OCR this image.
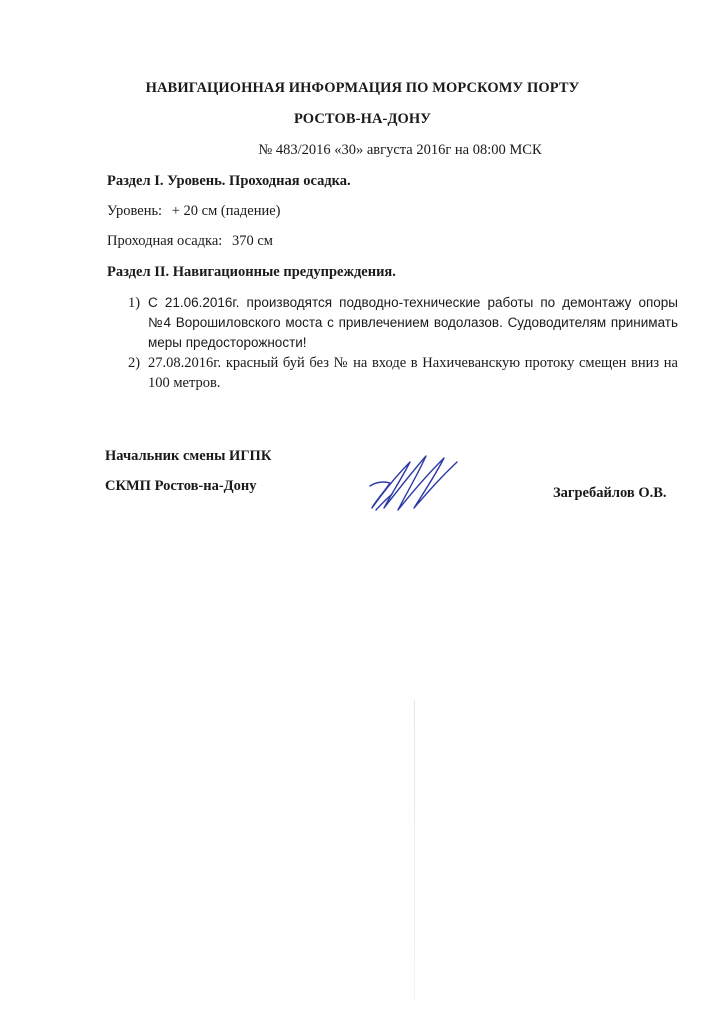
НАВИГАЦИОННАЯ ИНФОРМАЦИЯ ПО МОРСКОМУ ПОРТУ
РОСТОВ-НА-ДОНУ
№ 483/2016 «30» августа 2016г на 08:00 МСК
Раздел I. Уровень. Проходная осадка.
Уровень: + 20 см (падение)
Проходная осадка: 370 см
Раздел II. Навигационные предупреждения.
1) С 21.06.2016г. производятся подводно-технические работы по демонтажу опоры №4 Ворошиловского моста с привлечением водолазов. Судоводителям принимать меры предосторожности!
2) 27.08.2016г. красный буй без № на входе в Нахичеванскую протоку смещен вниз на 100 метров.
Начальник смены ИГПК
СКМП Ростов-на-Дону	Загребайлов О.В.
